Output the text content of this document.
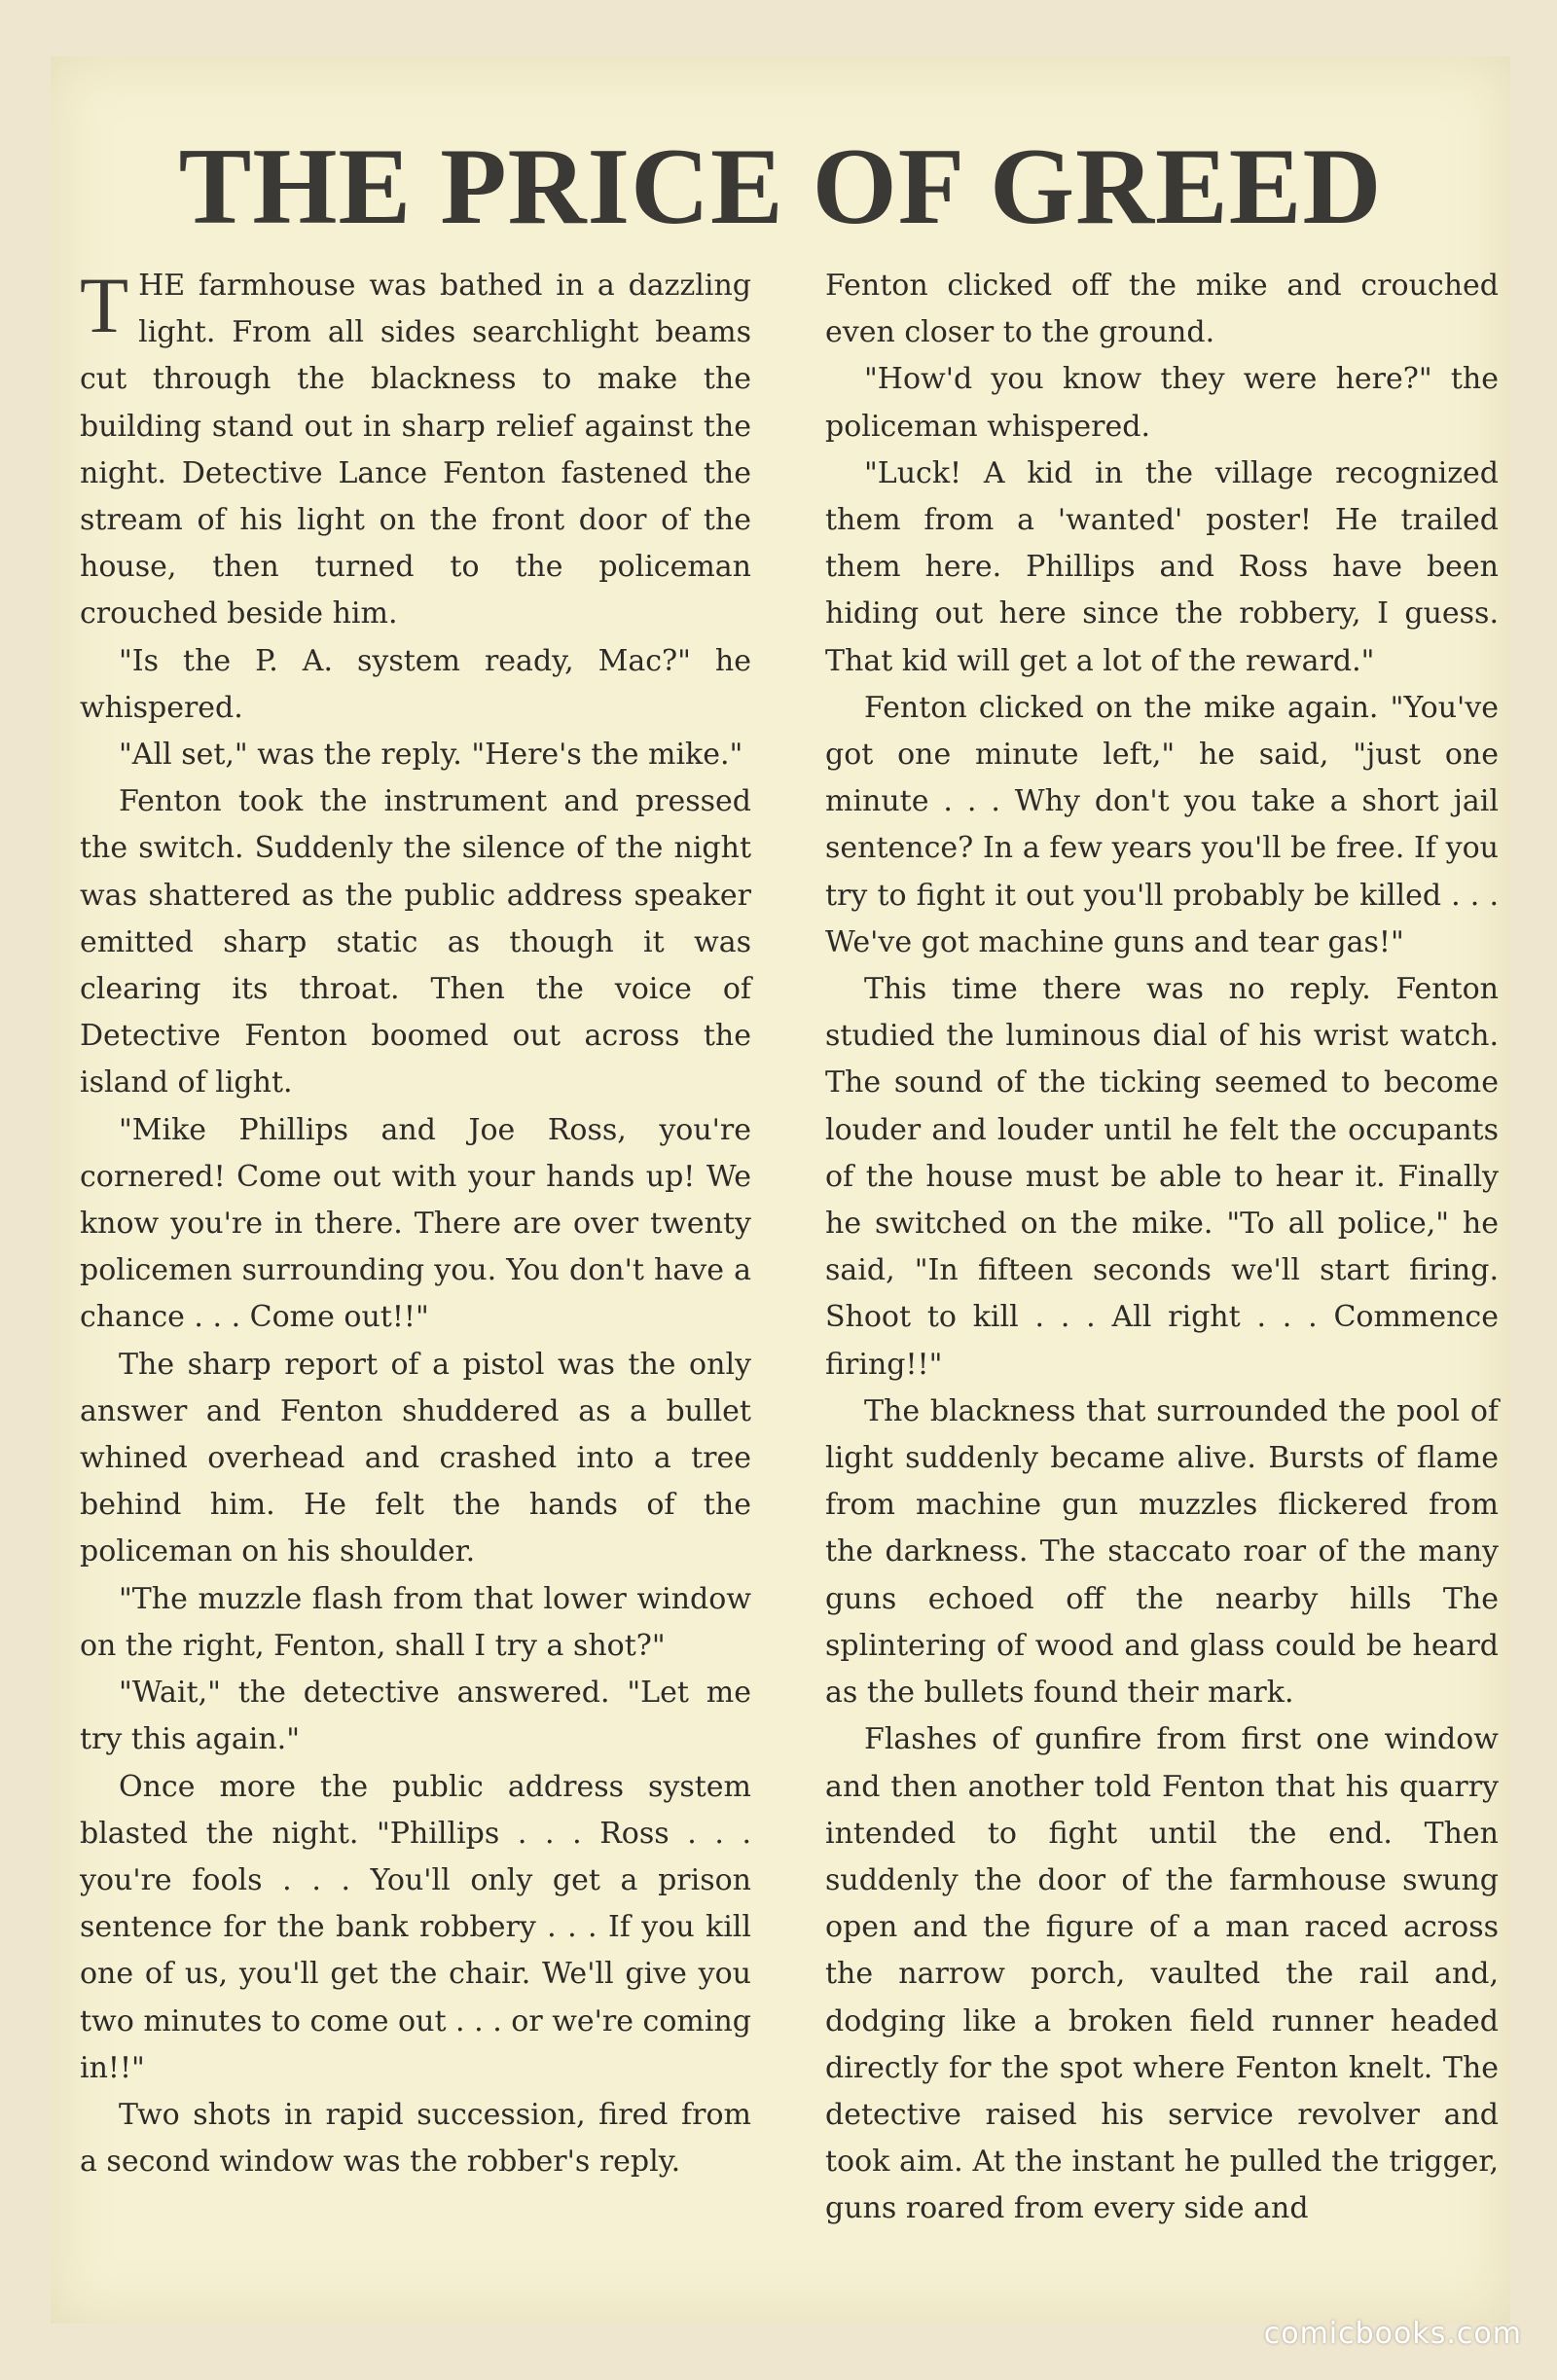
THE PRICE OF GREED

THE farmhouse was bathed in a dazzling light. From all sides searchlight beams cut through the blackness to make the building stand out in sharp relief against the night. Detective Lance Fenton fastened the stream of his light on the front door of the house, then turned to the policeman crouched beside him.

"Is the P. A. system ready, Mac?" he whispered.

"All set," was the reply. "Here's the mike."

Fenton took the instrument and pressed the switch. Suddenly the silence of the night was shattered as the public address speaker emitted sharp static as though it was clearing its throat. Then the voice of Detective Fenton boomed out across the island of light.

"Mike Phillips and Joe Ross, you're cornered! Come out with your hands up! We know you're in there. There are over twenty policemen surrounding you. You don't have a chance . . . Come out!!"

The sharp report of a pistol was the only answer and Fenton shuddered as a bullet whined overhead and crashed into a tree behind him. He felt the hands of the policeman on his shoulder.

"The muzzle flash from that lower window on the right, Fenton, shall I try a shot?"

"Wait," the detective answered. "Let me try this again."

Once more the public address system blasted the night. "Phillips . . . Ross . . . you're fools . . . You'll only get a prison sentence for the bank robbery . . . If you kill one of us, you'll get the chair. We'll give you two minutes to come out . . . or we're coming in!!"

Two shots in rapid succession, fired from a second window was the robber's reply.

Fenton clicked off the mike and crouched even closer to the ground.

"How'd you know they were here?" the policeman whispered.

"Luck! A kid in the village recognized them from a 'wanted' poster! He trailed them here. Phillips and Ross have been hiding out here since the robbery, I guess. That kid will get a lot of the reward."

Fenton clicked on the mike again. "You've got one minute left," he said, "just one minute . . . Why don't you take a short jail sentence? In a few years you'll be free. If you try to fight it out you'll probably be killed . . . We've got machine guns and tear gas!"

This time there was no reply. Fenton studied the luminous dial of his wrist watch. The sound of the ticking seemed to become louder and louder until he felt the occupants of the house must be able to hear it. Finally he switched on the mike. "To all police," he said, "In fifteen seconds we'll start firing. Shoot to kill . . . All right . . . Commence firing!!"

The blackness that surrounded the pool of light suddenly became alive. Bursts of flame from machine gun muzzles flickered from the darkness. The staccato roar of the many guns echoed off the nearby hills The splintering of wood and glass could be heard as the bullets found their mark.

Flashes of gunfire from first one window and then another told Fenton that his quarry intended to fight until the end. Then suddenly the door of the farmhouse swung open and the figure of a man raced across the narrow porch, vaulted the rail and, dodging like a broken field runner headed directly for the spot where Fenton knelt. The detective raised his service revolver and took aim. At the instant he pulled the trigger, guns roared from every side and

comicbooks.com
